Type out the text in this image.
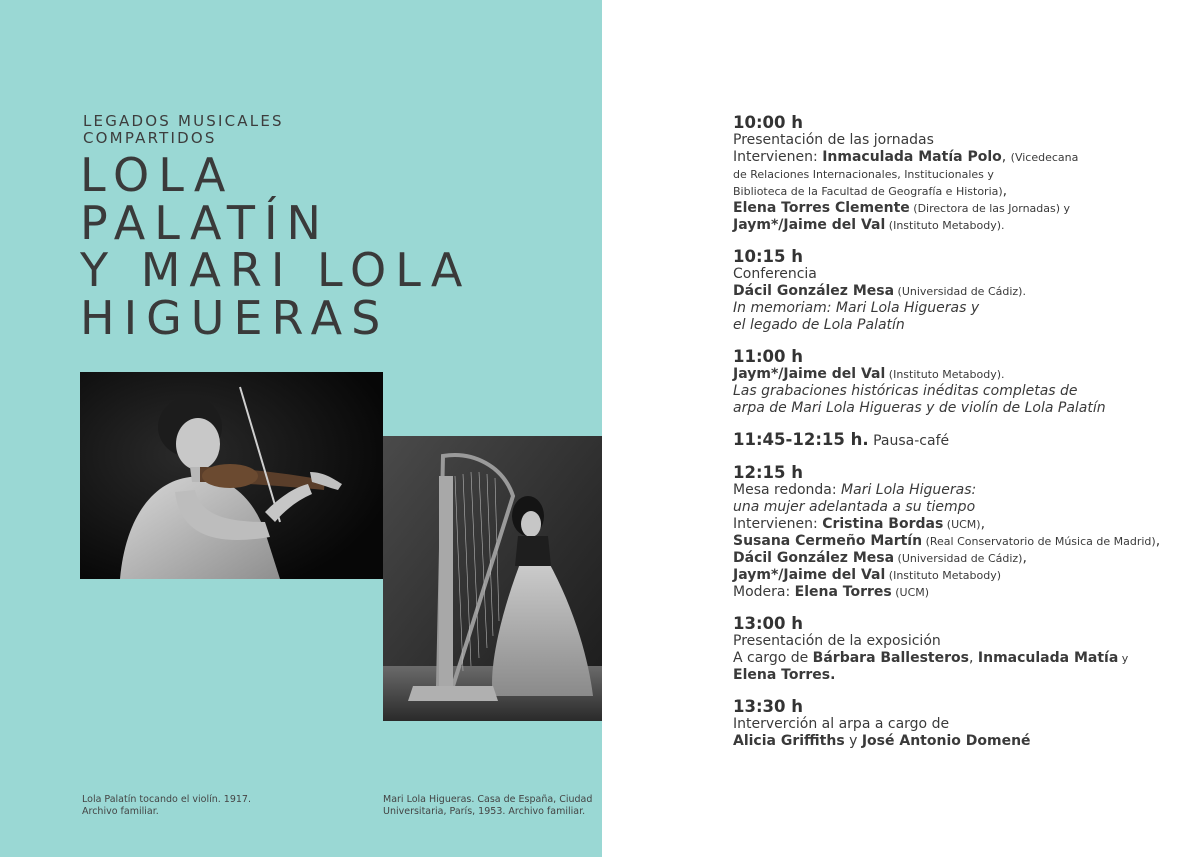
LEGADOS MUSICALES
COMPARTIDOS
LOLA
PALATÍN
Y MARI LOLA
HIGUERAS
Lola Palatín tocando el violín. 1917.
Archivo familiar.
Mari Lola Higueras. Casa de España, Ciudad
Universitaria, París, 1953. Archivo familiar.
10:00 h
Presentación de las jornadas
Intervienen: Inmaculada Matía Polo, (Vicedecana
de Relaciones Internacionales, Institucionales y
Biblioteca de la Facultad de Geografía e Historia),
Elena Torres Clemente (Directora de las Jornadas) y
Jaym*/Jaime del Val (Instituto Metabody).
10:15 h
Conferencia
Dácil González Mesa (Universidad de Cádiz).
In memoriam: Mari Lola Higueras y
el legado de Lola Palatín
11:00 h
Jaym*/Jaime del Val (Instituto Metabody).
Las grabaciones históricas inéditas completas de
arpa de Mari Lola Higueras y de violín de Lola Palatín
11:45-12:15 h. Pausa-café
12:15 h
Mesa redonda: Mari Lola Higueras:
una mujer adelantada a su tiempo
Intervienen: Cristina Bordas (UCM),
Susana Cermeño Martín (Real Conservatorio de Música de Madrid),
Dácil González Mesa (Universidad de Cádiz),
Jaym*/Jaime del Val (Instituto Metabody)
Modera: Elena Torres (UCM)
13:00 h
Presentación de la exposición
A cargo de Bárbara Ballesteros, Inmaculada Matía y
Elena Torres.
13:30 h
Interverción al arpa a cargo de
Alicia Griffiths y José Antonio Domené
